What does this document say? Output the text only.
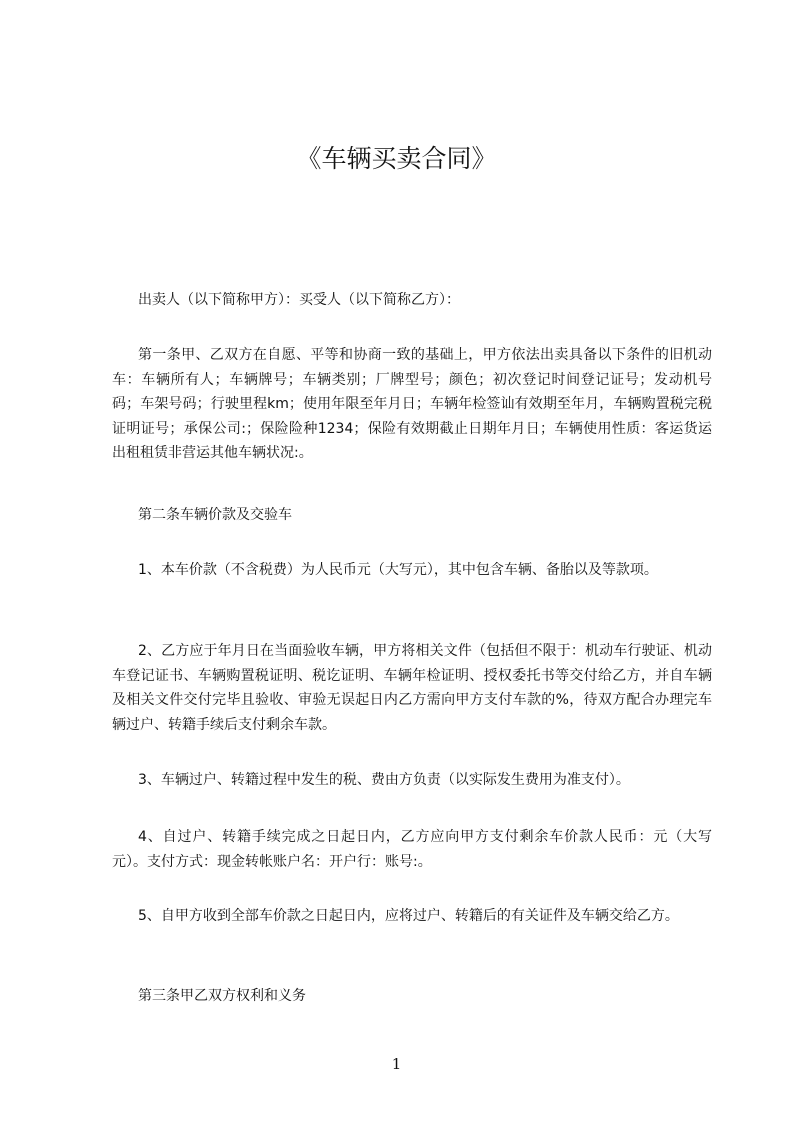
《车辆买卖合同》

出卖人（以下简称甲方）：买受人（以下简称乙方）：

第一条甲、乙双方在自愿、平等和协商一致的基础上，甲方依法出卖具备以下条件的旧机动车：车辆所有人；车辆牌号；车辆类别；厂牌型号；颜色；初次登记时间登记证号；发动机号码；车架号码；行驶里程km；使用年限至年月日；车辆年检签讪有效期至年月，车辆购置税完税证明证号；承保公司:；保险险种1234；保险有效期截止日期年月日；车辆使用性质：客运货运出租租赁非营运其他车辆状况:。

第二条车辆价款及交验车

1、本车价款（不含税费）为人民币元（大写元），其中包含车辆、备胎以及等款项。

2、乙方应于年月日在当面验收车辆，甲方将相关文件（包括但不限于：机动车行驶证、机动车登记证书、车辆购置税证明、税讫证明、车辆年检证明、授权委托书等交付给乙方，并自车辆及相关文件交付完毕且验收、审验无误起日内乙方需向甲方支付车款的%，待双方配合办理完车辆过户、转籍手续后支付剩余车款。

3、车辆过户、转籍过程中发生的税、费由方负责（以实际发生费用为准支付）。

4、自过户、转籍手续完成之日起日内，乙方应向甲方支付剩余车价款人民币：元（大写元）。支付方式：现金转帐账户名：开户行：账号:。

5、自甲方收到全部车价款之日起日内，应将过户、转籍后的有关证件及车辆交给乙方。

第三条甲乙双方权利和义务

1
